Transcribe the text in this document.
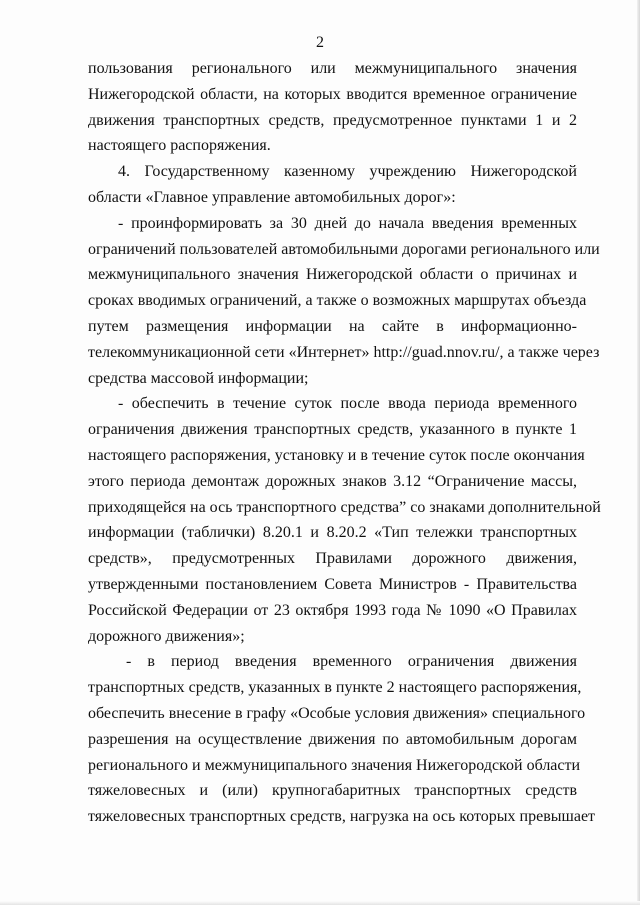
2
пользования регионального или межмуниципального значения
Нижегородской области, на которых вводится временное ограничение
движения транспортных средств, предусмотренное пунктами 1 и 2
настоящего распоряжения.
4. Государственному казенному учреждению Нижегородской
области «Главное управление автомобильных дорог»:
- проинформировать за 30 дней до начала введения временных
ограничений пользователей автомобильными дорогами регионального или
межмуниципального значения Нижегородской области о причинах и
сроках вводимых ограничений, а также о возможных маршрутах объезда
путем размещения информации на сайте в информационно-
телекоммуникационной сети «Интернет» http://guad.nnov.ru/, а также через
средства массовой информации;
- обеспечить в течение суток после ввода периода временного
ограничения движения транспортных средств, указанного в пункте 1
настоящего распоряжения, установку и в течение суток после окончания
этого периода демонтаж дорожных знаков 3.12 “Ограничение массы,
приходящейся на ось транспортного средства” со знаками дополнительной
информации (таблички) 8.20.1 и 8.20.2 «Тип тележки транспортных
средств», предусмотренных Правилами дорожного движения,
утвержденными постановлением Совета Министров - Правительства
Российской Федерации от 23 октября 1993 года № 1090 «О Правилах
дорожного движения»;
- в период введения временного ограничения движения
транспортных средств, указанных в пункте 2 настоящего распоряжения,
обеспечить внесение в графу «Особые условия движения» специального
разрешения на осуществление движения по автомобильным дорогам
регионального и межмуниципального значения Нижегородской области
тяжеловесных и (или) крупногабаритных транспортных средств
тяжеловесных транспортных средств, нагрузка на ось которых превышает
